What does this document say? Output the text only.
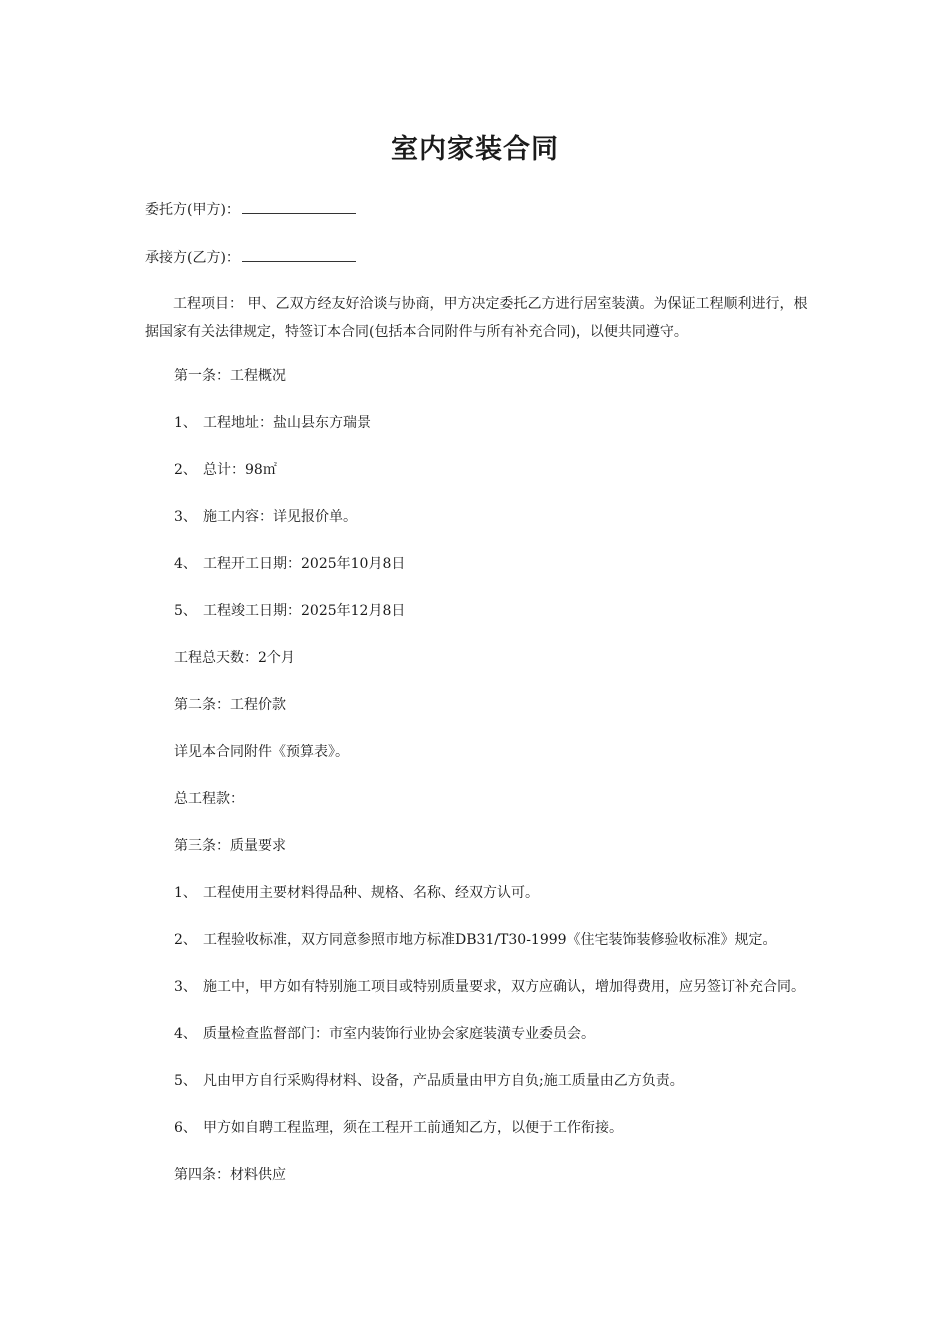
室内家装合同
委托方(甲方)：
承接方(乙方)：
工程项目： 甲、乙双方经友好洽谈与协商，甲方决定委托乙方进行居室装潢。为保证工程顺利进行，根据国家有关法律规定，特签订本合同(包括本合同附件与所有补充合同)，以便共同遵守。
第一条：工程概况
1、 工程地址：盐山县东方瑞景
2、 总计：98㎡
3、 施工内容：详见报价单。
4、 工程开工日期：2025年10月8日
5、 工程竣工日期：2025年12月8日
工程总天数：2个月
第二条：工程价款
详见本合同附件《预算表》。
总工程款：
第三条：质量要求
1、 工程使用主要材料得品种、规格、名称、经双方认可。
2、 工程验收标准，双方同意参照市地方标准DB31/T30-1999《住宅装饰装修验收标准》规定。
3、 施工中，甲方如有特别施工项目或特别质量要求，双方应确认，增加得费用，应另签订补充合同。
4、 质量检查监督部门：市室内装饰行业协会家庭装潢专业委员会。
5、 凡由甲方自行采购得材料、设备，产品质量由甲方自负;施工质量由乙方负责。
6、 甲方如自聘工程监理，须在工程开工前通知乙方，以便于工作衔接。
第四条：材料供应
